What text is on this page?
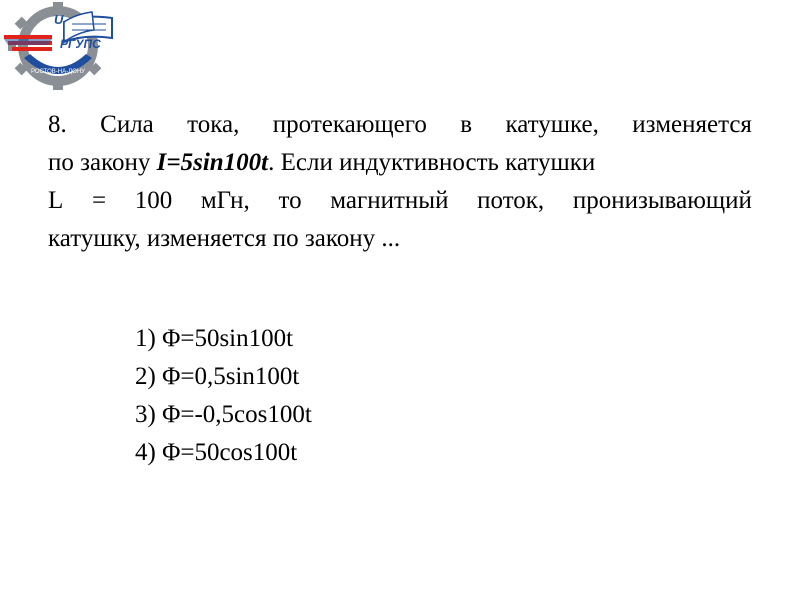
РОСТОВ-НА-ДОНУ
U
РГУПС
8. Сила тока, протекающего в катушке, изменяется
по закону I=5sin100t. Если индуктивность катушки
L = 100 мГн, то магнитный поток, пронизывающий
катушку, изменяется по закону ...
1) Φ=50sin100t
2) Φ=0,5sin100t
3) Φ=-0,5cos100t
4) Φ=50cos100t
